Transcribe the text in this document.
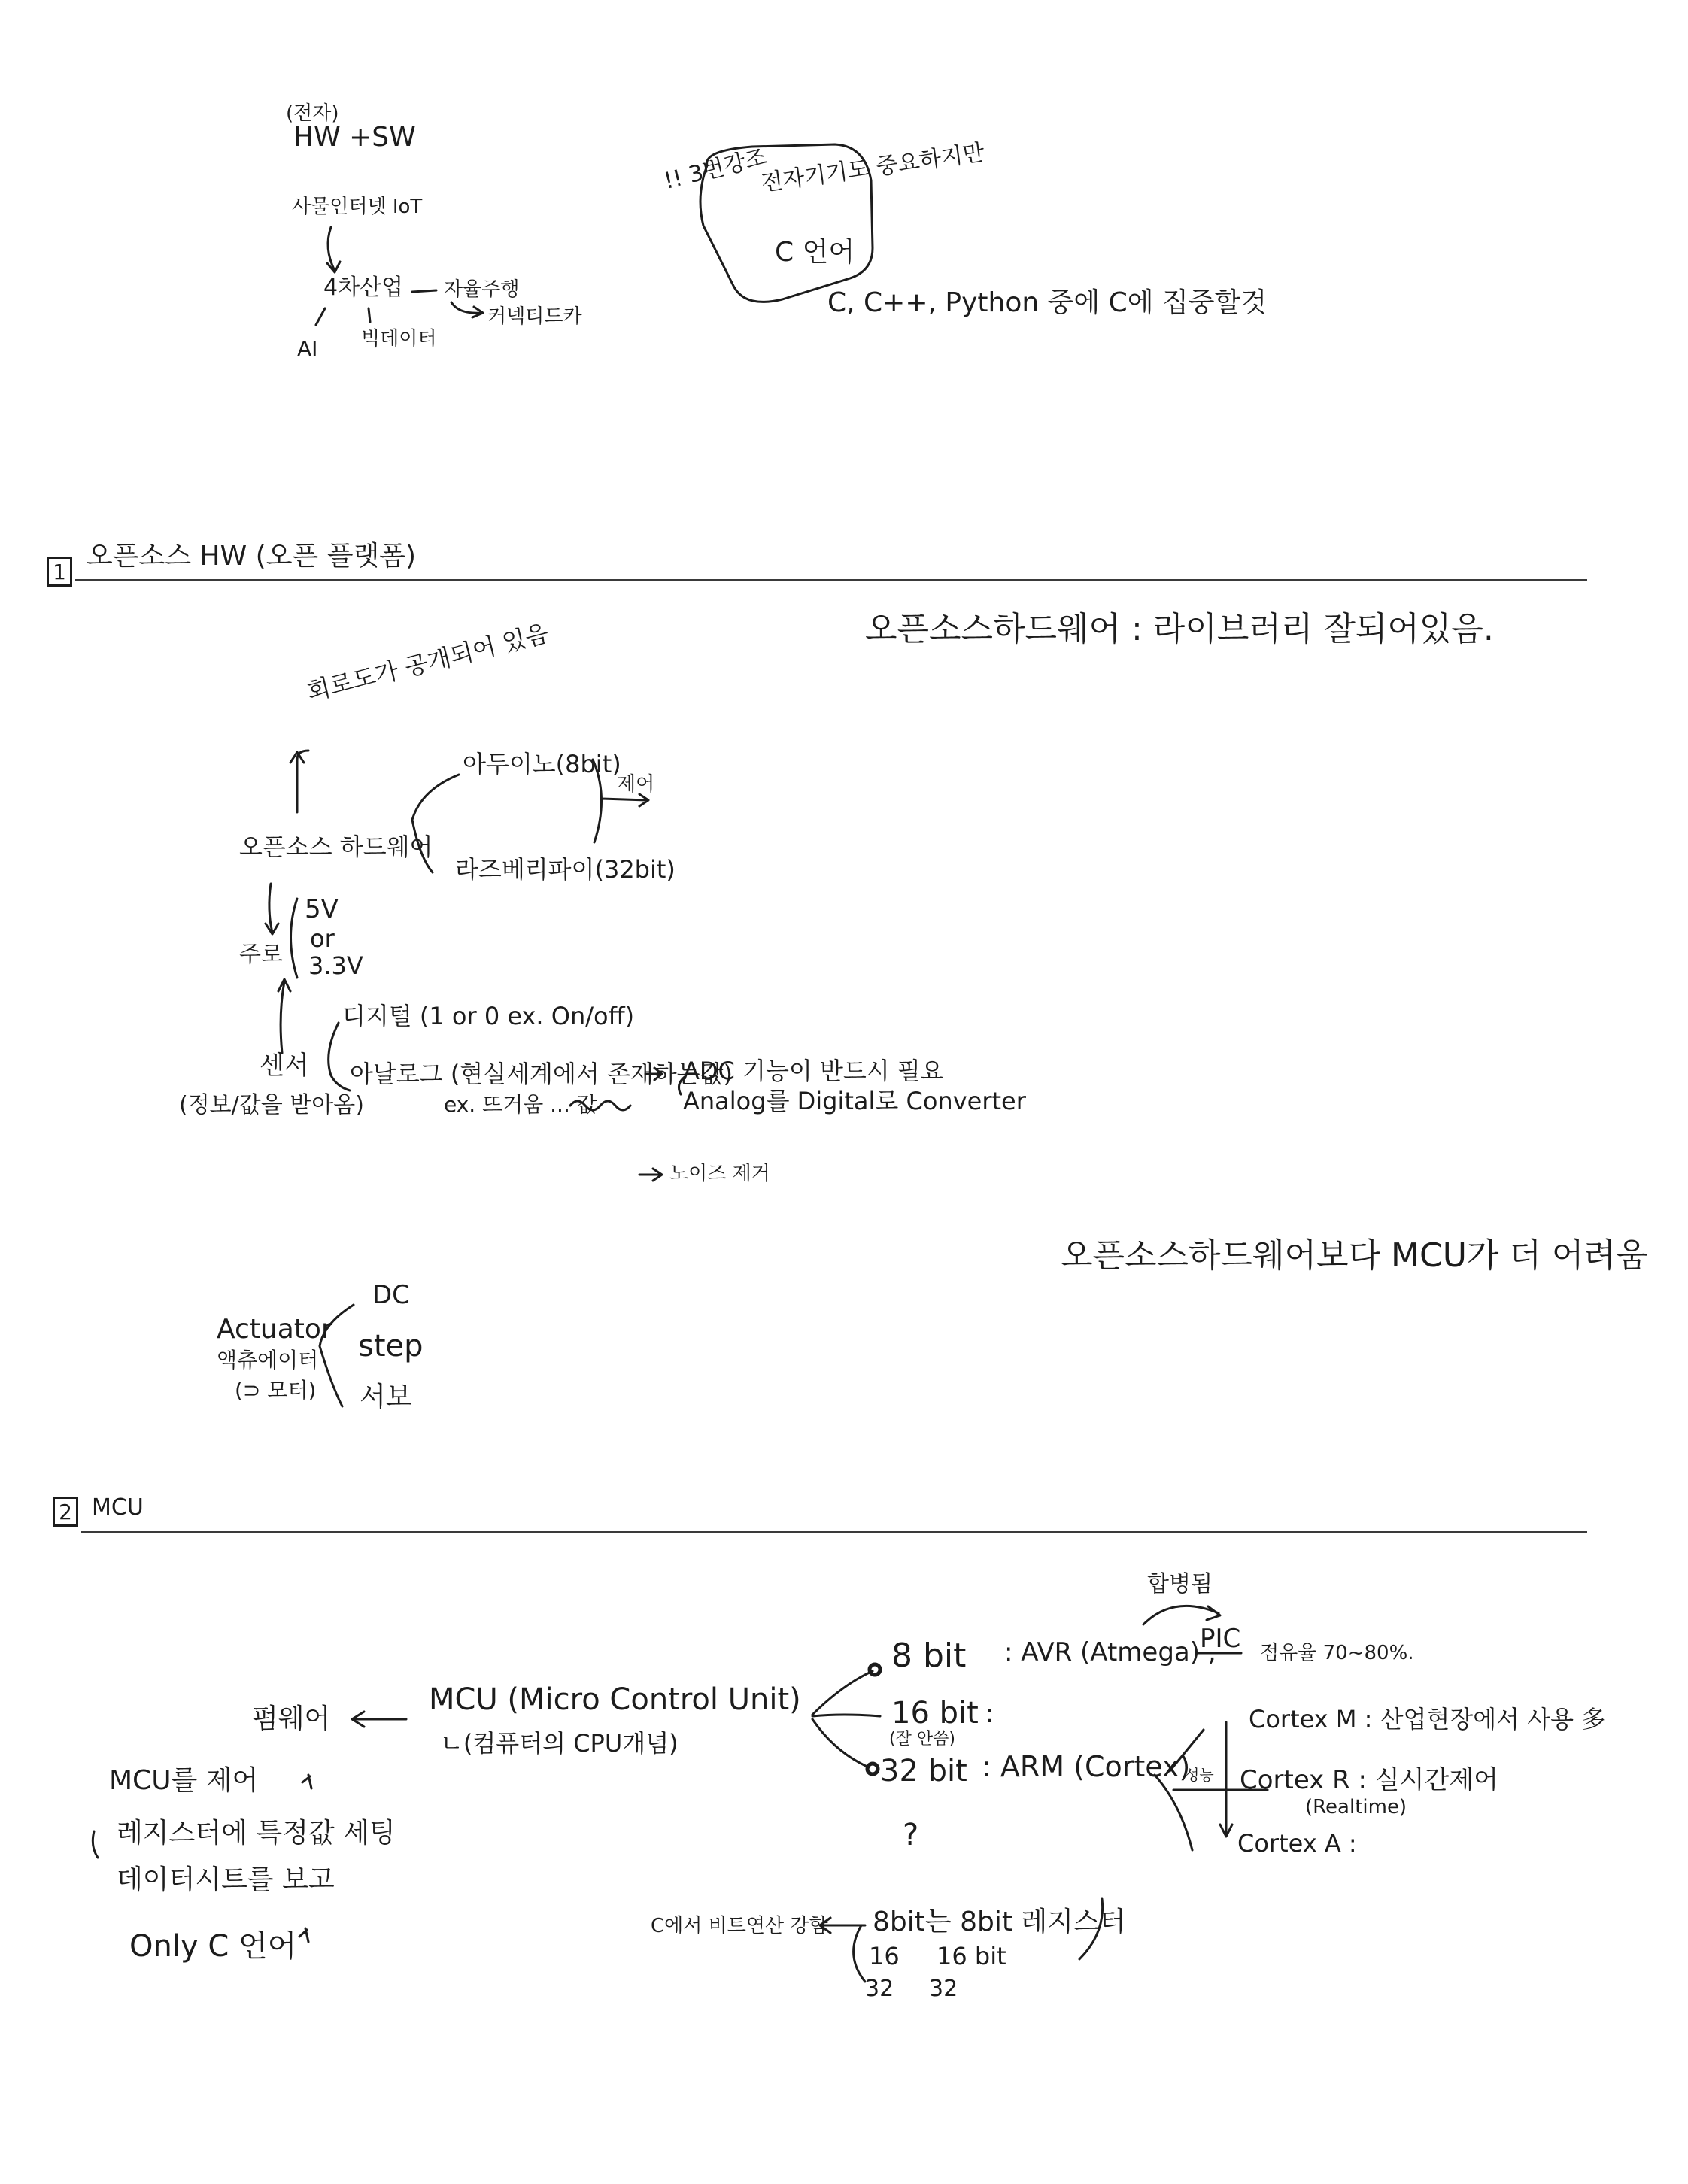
(전자)
HW +SW
사물인터넷 IoT
4차산업 자율주행
커넥티드카
AI 빅데이터
!! 3번강조
전자기기도 중요하지만
C 언어
C, C++, Python 중에 C에 집중할것
1
오픈소스 HW (오픈 플랫폼)
오픈소스하드웨어 : 라이브러리 잘되어있음.
회로도가 공개되어 있음
아두이노(8bit)
제어
오픈소스 하드웨어
라즈베리파이(32bit)
주로
5V
or
3.3V
센서
(정보/값을 받아옴)
디지털 (1 or 0 ex. On/off)
아날로그 (현실세계에서 존재하는값)
ex. 뜨거움 ... 값
ADC 기능이 반드시 필요
Analog를 Digital로 Converter
노이즈 제거
오픈소스하드웨어보다 MCU가 더 어려움
Actuator
액츄에이터
(⊃ 모터)
DC
step
서보
2 MCU
합병됨
8 bit : AVR (Atmega) ,
PIC 점유율 70~80%.
16 bit
(잘 안씀)
:
32 bit : ARM (Cortex)
Cortex M : 산업현장에서 사용 多
Cortex R : 실시간제어
(Realtime)
Cortex A :
성능
?
MCU (Micro Control Unit)
ㄴ(컴퓨터의 CPU개념)
펌웨어
MCU를 제어
레지스터에 특정값 세팅
데이터시트를 보고
Only C 언어
C에서 비트연산 강함 8bit는 8bit 레지스터
16 16 bit
32 32
